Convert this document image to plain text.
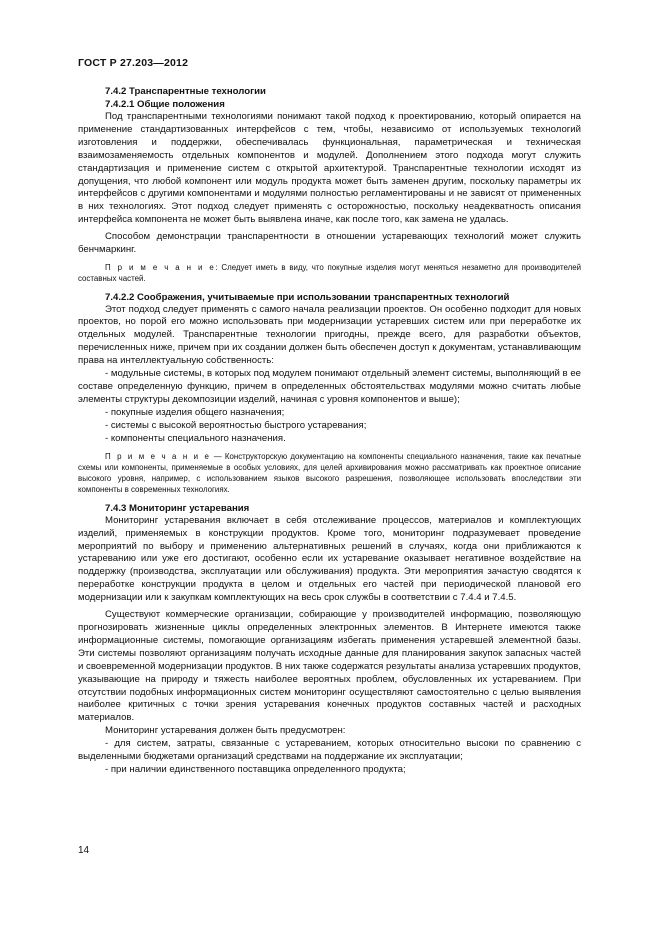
ГОСТ Р 27.203—2012
7.4.2 Транспарентные технологии
7.4.2.1 Общие положения

Под транспарентными технологиями понимают такой подход к проектированию, который опирается на применение стандартизованных интерфейсов с тем, чтобы, независимо от используемых технологий изготовления и поддержки, обеспечивалась функциональная, параметрическая и техническая взаимозаменяемость отдельных компонентов и модулей. Дополнением этого подхода могут служить стандартизация и применение систем с открытой архитектурой. Транспарентные технологии исходят из допущения, что любой компонент или модуль продукта может быть заменен другим, поскольку параметры их интерфейсов с другими компонентами и модулями полностью регламентированы и не зависят от примененных в них технологиях. Этот подход следует применять с осторожностью, поскольку неадекватность описания интерфейса компонента не может быть выявлена иначе, как после того, как замена не удалась.

Способом демонстрации транспарентности в отношении устаревающих технологий может служить бенчмаркинг.

П р и м е ч а н и е: Следует иметь в виду, что покупные изделия могут меняться незаметно для производителей составных частей.
7.4.2.2 Соображения, учитываемые при использовании транспарентных технологий

Этот подход следует применять с самого начала реализации проектов. Он особенно подходит для новых проектов, но порой его можно использовать при модернизации устаревших систем или при переработке их отдельных модулей. Транспарентные технологии пригодны, прежде всего, для разработки объектов, перечисленных ниже, причем при их создании должен быть обеспечен доступ к документам, устанавливающим права на интеллектуальную собственность:

- модульные системы, в которых под модулем понимают отдельный элемент системы, выполняющий в ее составе определенную функцию, причем в определенных обстоятельствах модулями можно считать любые элементы структуры декомпозиции изделий, начиная с уровня компонентов и выше);

- покупные изделия общего назначения;

- системы с высокой вероятностью быстрого устаревания;

- компоненты специального назначения.

П р и м е ч а н и е — Конструкторскую документацию на компоненты специального назначения, такие как печатные схемы или компоненты, применяемые в особых условиях, для целей архивирования можно рассматривать как проектное описание высокого уровня, например, с использованием языков высокого разрешения, позволяющее использовать впоследствии эти компоненты в современных технологиях.
7.4.3 Мониторинг устаревания

Мониторинг устаревания включает в себя отслеживание процессов, материалов и комплектующих изделий, применяемых в конструкции продуктов. Кроме того, мониторинг подразумевает проведение мероприятий по выбору и применению альтернативных решений в случаях, когда они приближаются к устареванию или уже его достигают, особенно если их устаревание оказывает негативное воздействие на поддержку (производства, эксплуатации или обслуживания) продукта. Эти мероприятия зачастую сводятся к переработке конструкции продукта в целом и отдельных его частей при периодической плановой его модернизации или к закупкам комплектующих на весь срок службы в соответствии с 7.4.4 и 7.4.5.

Существуют коммерческие организации, собирающие у производителей информацию, позволяющую прогнозировать жизненные циклы определенных электронных элементов. В Интернете имеются также информационные системы, помогающие организациям избегать применения устаревшей элементной базы. Эти системы позволяют организациям получать исходные данные для планирования закупок запасных частей и своевременной модернизации продуктов. В них также содержатся результаты анализа устаревших продуктов, указывающие на природу и тяжесть наиболее вероятных проблем, обусловленных их устареванием. При отсутствии подобных информационных систем мониторинг осуществляют самостоятельно с целью выявления наиболее критичных с точки зрения устаревания конечных продуктов составных частей и расходных материалов.

Мониторинг устаревания должен быть предусмотрен:

- для систем, затраты, связанные с устареванием, которых относительно высоки по сравнению с выделенными бюджетами организаций средствами на поддержание их эксплуатации;

- при наличии единственного поставщика определенного продукта;

14
